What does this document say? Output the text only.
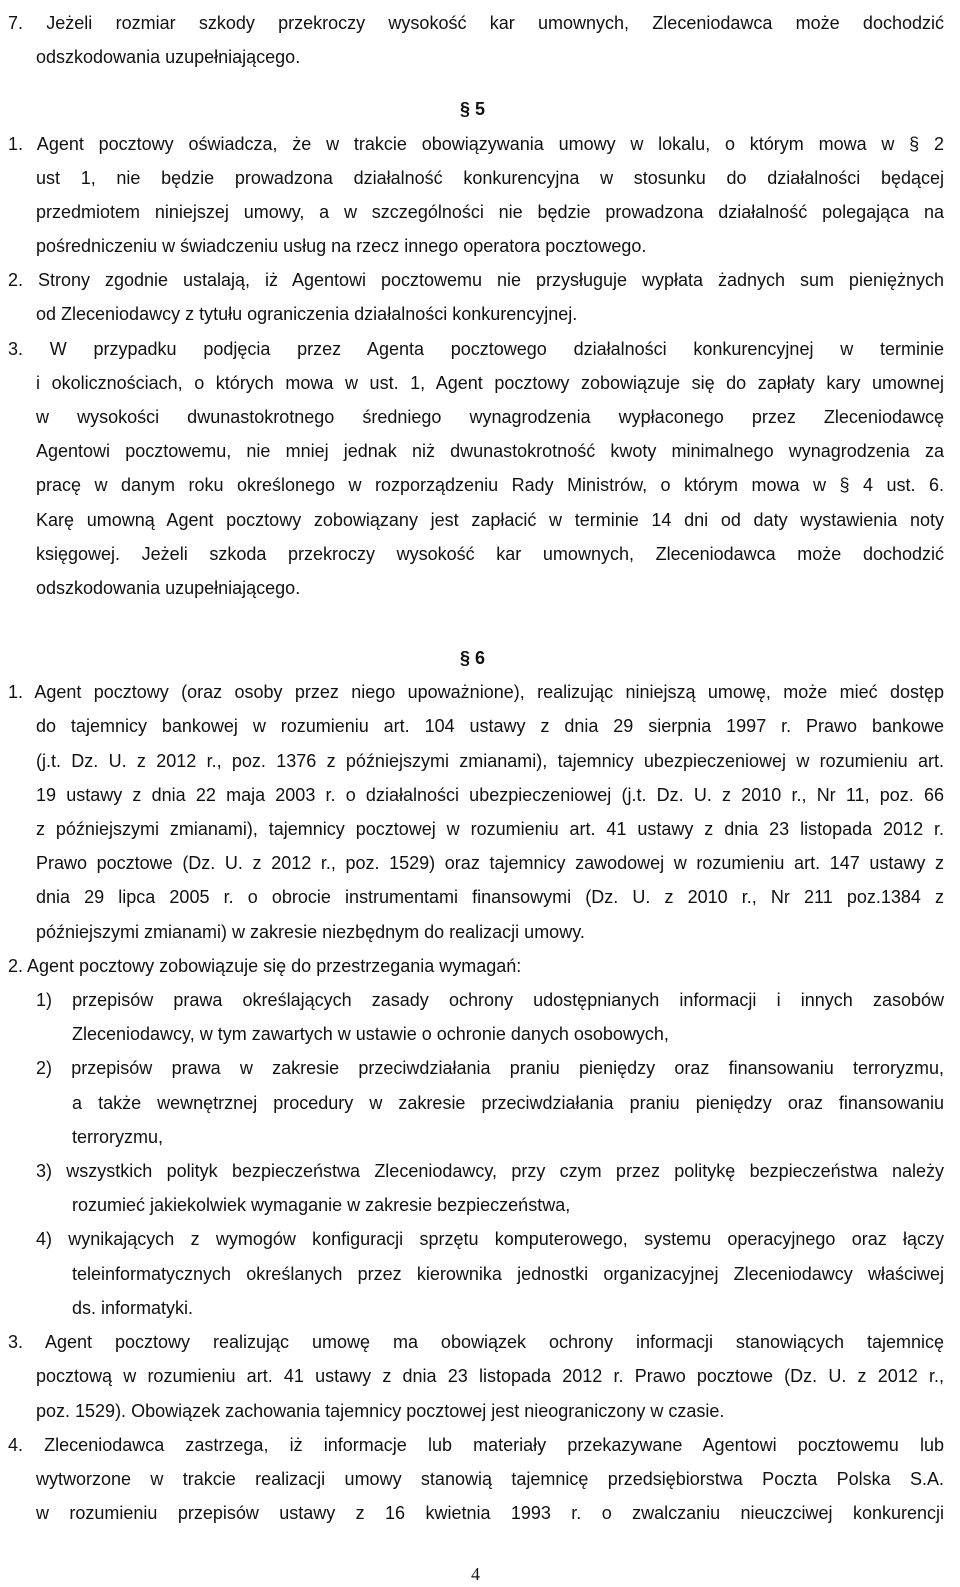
7. Jeżeli rozmiar szkody przekroczy wysokość kar umownych, Zleceniodawca może dochodzić
odszkodowania uzupełniającego.
§ 5
1. Agent pocztowy oświadcza, że w trakcie obowiązywania umowy w lokalu, o którym mowa w § 2
ust 1, nie będzie prowadzona działalność konkurencyjna w stosunku do działalności będącej
przedmiotem niniejszej umowy, a w szczególności nie będzie prowadzona działalność polegająca na
pośredniczeniu w świadczeniu usług na rzecz innego operatora pocztowego.
2. Strony zgodnie ustalają, iż Agentowi pocztowemu nie przysługuje wypłata żadnych sum pieniężnych
od Zleceniodawcy z tytułu ograniczenia działalności konkurencyjnej.
3. W przypadku podjęcia przez Agenta pocztowego działalności konkurencyjnej w terminie
i okolicznościach, o których mowa w ust. 1, Agent pocztowy zobowiązuje się do zapłaty kary umownej
w wysokości dwunastokrotnego średniego wynagrodzenia wypłaconego przez Zleceniodawcę
Agentowi pocztowemu, nie mniej jednak niż dwunastokrotność kwoty minimalnego wynagrodzenia za
pracę w danym roku określonego w rozporządzeniu Rady Ministrów, o którym mowa w § 4 ust. 6.
Karę umowną Agent pocztowy zobowiązany jest zapłacić w terminie 14 dni od daty wystawienia noty
księgowej. Jeżeli szkoda przekroczy wysokość kar umownych, Zleceniodawca może dochodzić
odszkodowania uzupełniającego.
§ 6
1. Agent pocztowy (oraz osoby przez niego upoważnione), realizując niniejszą umowę, może mieć dostęp
do tajemnicy bankowej w rozumieniu art. 104 ustawy z dnia 29 sierpnia 1997 r. Prawo bankowe
(j.t. Dz. U. z 2012 r., poz. 1376 z późniejszymi zmianami), tajemnicy ubezpieczeniowej w rozumieniu art.
19 ustawy z dnia 22 maja 2003 r. o działalności ubezpieczeniowej (j.t. Dz. U. z 2010 r., Nr 11, poz. 66
z późniejszymi zmianami), tajemnicy pocztowej w rozumieniu art. 41 ustawy z dnia 23 listopada 2012 r.
Prawo pocztowe (Dz. U. z 2012 r., poz. 1529) oraz tajemnicy zawodowej w rozumieniu art. 147 ustawy z
dnia 29 lipca 2005 r. o obrocie instrumentami finansowymi (Dz. U. z 2010 r., Nr 211 poz.1384 z
późniejszymi zmianami) w zakresie niezbędnym do realizacji umowy.
2. Agent pocztowy zobowiązuje się do przestrzegania wymagań:
1) przepisów prawa określających zasady ochrony udostępnianych informacji i innych zasobów
Zleceniodawcy, w tym zawartych w ustawie o ochronie danych osobowych,
2) przepisów prawa w zakresie przeciwdziałania praniu pieniędzy oraz finansowaniu terroryzmu,
a także wewnętrznej procedury w zakresie przeciwdziałania praniu pieniędzy oraz finansowaniu
terroryzmu,
3) wszystkich polityk bezpieczeństwa Zleceniodawcy, przy czym przez politykę bezpieczeństwa należy
rozumieć jakiekolwiek wymaganie w zakresie bezpieczeństwa,
4) wynikających z wymogów konfiguracji sprzętu komputerowego, systemu operacyjnego oraz łączy
teleinformatycznych określanych przez kierownika jednostki organizacyjnej Zleceniodawcy właściwej
ds. informatyki.
3. Agent pocztowy realizując umowę ma obowiązek ochrony informacji stanowiących tajemnicę
pocztową w rozumieniu art. 41 ustawy z dnia 23 listopada 2012 r. Prawo pocztowe (Dz. U. z 2012 r.,
poz. 1529). Obowiązek zachowania tajemnicy pocztowej jest nieograniczony w czasie.
4. Zleceniodawca zastrzega, iż informacje lub materiały przekazywane Agentowi pocztowemu lub
wytworzone w trakcie realizacji umowy stanowią tajemnicę przedsiębiorstwa Poczta Polska S.A.
w rozumieniu przepisów ustawy z 16 kwietnia 1993 r. o zwalczaniu nieuczciwej konkurencji
4
